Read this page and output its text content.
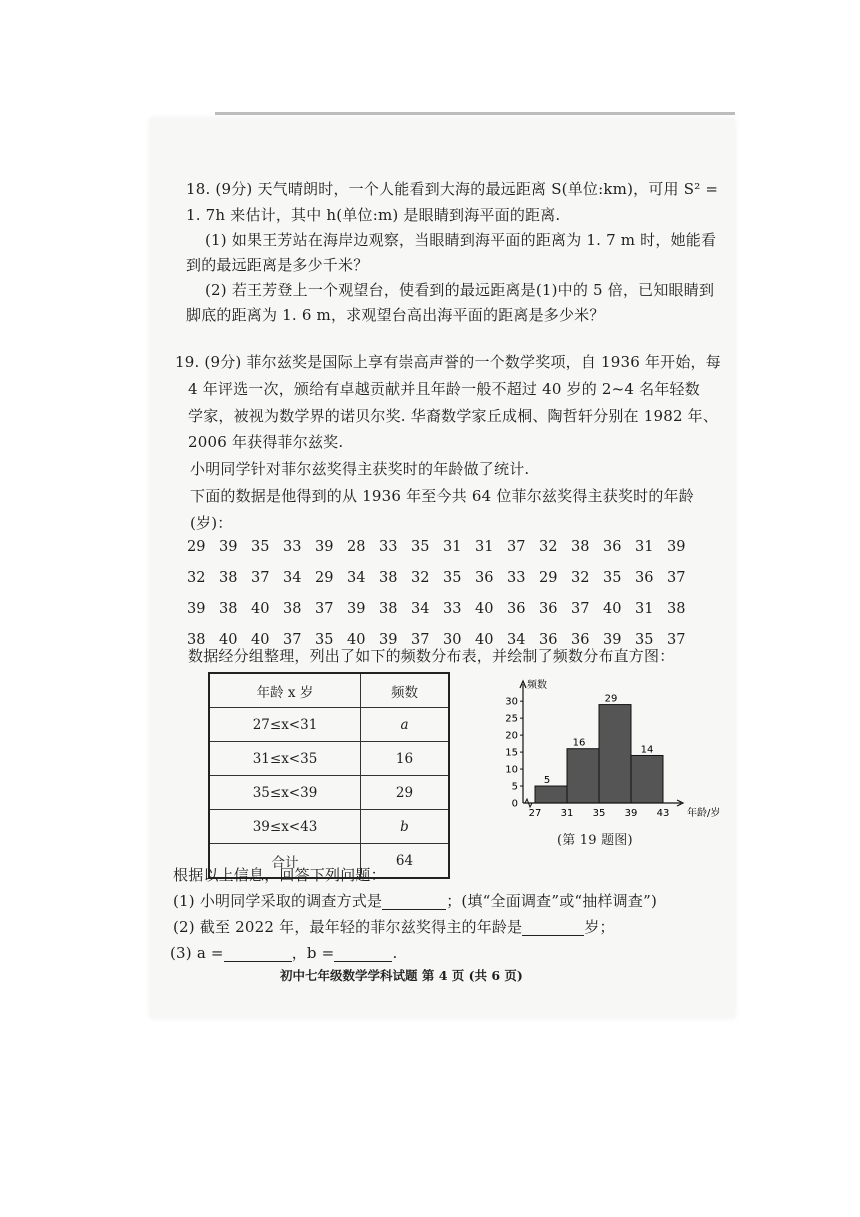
18. (9分) 天气晴朗时，一个人能看到大海的最远距离 S(单位:km)，可用 S² =
1. 7h 来估计，其中 h(单位:m) 是眼睛到海平面的距离.
(1) 如果王芳站在海岸边观察，当眼睛到海平面的距离为 1. 7 m 时，她能看
到的最远距离是多少千米？
(2) 若王芳登上一个观望台，使看到的最远距离是(1)中的 5 倍，已知眼睛到
脚底的距离为 1. 6 m，求观望台高出海平面的距离是多少米？
19. (9分) 菲尔兹奖是国际上享有崇高声誉的一个数学奖项，自 1936 年开始，每
4 年评选一次，颁给有卓越贡献并且年龄一般不超过 40 岁的 2~4 名年轻数
学家，被视为数学界的诺贝尔奖. 华裔数学家丘成桐、陶哲轩分别在 1982 年、
2006 年获得菲尔兹奖.
小明同学针对菲尔兹奖得主获奖时的年龄做了统计.
下面的数据是他得到的从 1936 年至今共 64 位菲尔兹奖得主获奖时的年龄
(岁)：
29 39 35 33 39 28 33 35 31 31 37 32 38 36 31 39
32 38 37 34 29 34 38 32 35 36 33 29 32 35 36 37
39 38 40 38 37 39 38 34 33 40 36 36 37 40 31 38
38 40 40 37 35 40 39 37 30 40 34 36 36 39 35 37
数据经分组整理，列出了如下的频数分布表，并绘制了频数分布直方图：
年龄 x 岁	频数
27≤x<31	a
31≤x<35	16
35≤x<39	29
39≤x<43	b
合计	64
5
16
29
14
0
5
10
15
20
25
30
27 31 35 39 43
频数
年龄/岁
(第 19 题图)
根据以上信息，回答下列问题：
(1) 小明同学采取的调查方式是	；(填“全面调查”或“抽样调查”)
(2) 截至 2022 年，最年轻的菲尔兹奖得主的年龄是	岁；
(3) a =	，b =	.
初中七年级数学学科试题 第 4 页 (共 6 页)
